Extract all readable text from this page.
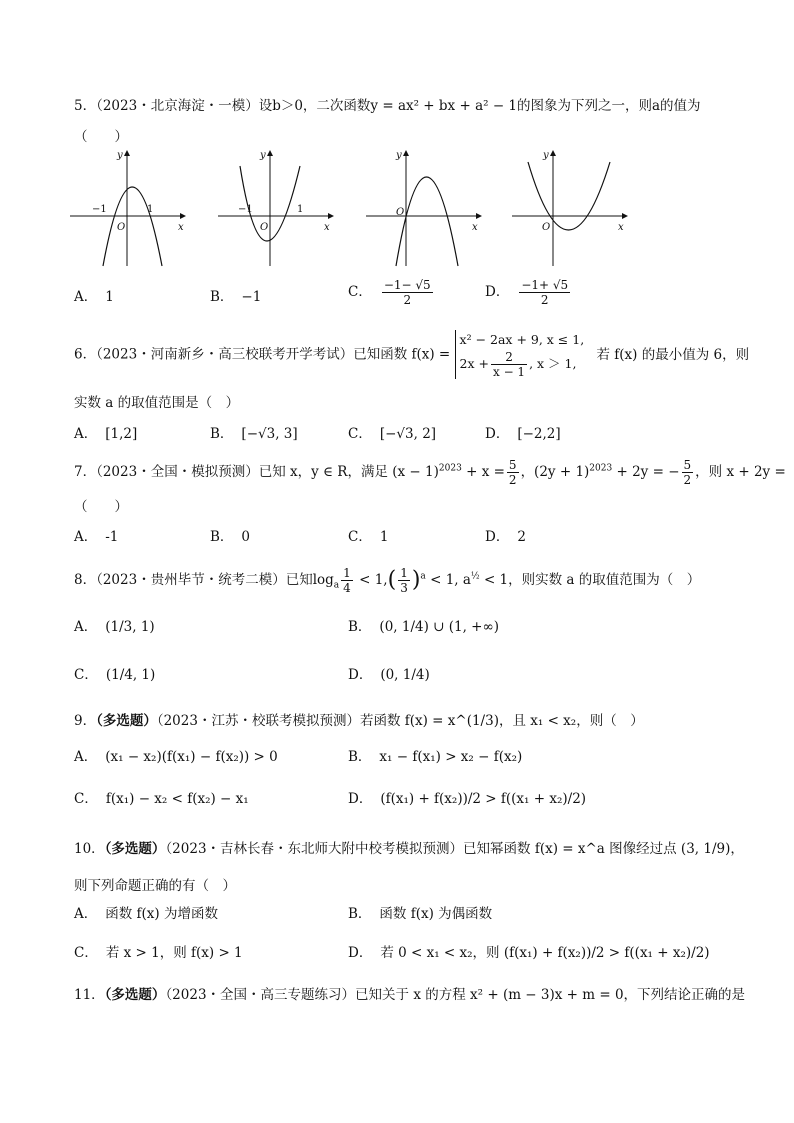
5．（2023・北京海淀・一模）设b＞0，二次函数y = ax² + bx + a² − 1的图象为下列之一，则a的值为
（　　）
y
x
O
−1	1
y
x
O
−1	1
y
x
O
y
x
O
A． 1	B． −1	C． $\frac{-1- √5}{2}$	D． $\frac{-1+ √5}{2}$
6．（2023・河南新乡・高三校联考开学考试）已知函数 f(x) =
x² − 2ax + 9, x ≤ 1,
$2x + \frac{2}{x - 1}$ , x ＞ 1,
若 f(x) 的最小值为 6，则
实数 a 的取值范围是（　）
A． [1,2]	B． [−√3, 3]	C． [−√3, 2]	D． [−2,2]
7．（2023・全国・模拟预测）已知 x，y ∈ R，满足 $(x - 1)^{2023} + x = \frac{5}{2}$ ，$(2y + 1)^{2023} + 2y$ = − $\frac{5}{2}$ ，则 x + 2y =
（　　）
A． -1	B． 0	C． 1	D． 2
8．（2023・贵州毕节・统考二模）已知$\log_a \frac{1}{4} < 1,( \frac{1}{3} )^a < 1$, $a^{\frac{1}{2}} < 1$，则实数 a 的取值范围为（　）
A． (1/3, 1)	B． (0, 1/4) ∪ (1, +∞)
C． (1/4, 1)	D． (0, 1/4)
9．（多选题）（2023・江苏・校联考模拟预测）若函数 f(x) = x^(1/3)，且 x₁ < x₂，则（　）
A． (x₁ − x₂)(f(x₁) − f(x₂)) > 0	B． x₁ − f(x₁) > x₂ − f(x₂)
C． f(x₁) − x₂ < f(x₂) − x₁	D． (f(x₁) + f(x₂))/2 > f((x₁ + x₂)/2)
10．（多选题）（2023・吉林长春・东北师大附中校考模拟预测）已知幂函数 f(x) = x^a 图像经过点 (3, 1/9)，
则下列命题正确的有（　）
A． 函数 f(x) 为增函数	B． 函数 f(x) 为偶函数
C． 若 x > 1，则 f(x) > 1	D． 若 0 < x₁ < x₂，则 (f(x₁) + f(x₂))/2 > f((x₁ + x₂)/2)
11．（多选题）（2023・全国・高三专题练习）已知关于 x 的方程 x² + (m − 3)x + m = 0，下列结论正确的是
